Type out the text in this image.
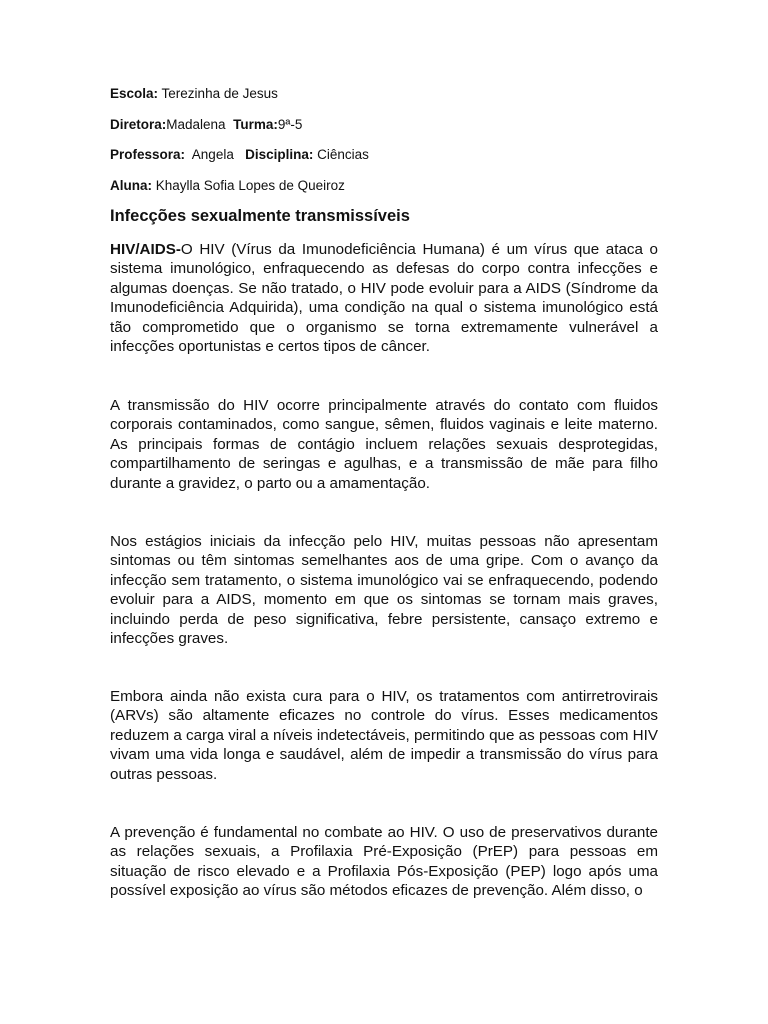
Escola: Terezinha de Jesus
Diretora:Madalena Turma:9ª-5
Professora: Angela Disciplina: Ciências
Aluna: Khaylla Sofia Lopes de Queiroz
Infecções sexualmente transmissíveis

HIV/AIDS-O HIV (Vírus da Imunodeficiência Humana) é um vírus que ataca o sistema imunológico, enfraquecendo as defesas do corpo contra infecções e algumas doenças. Se não tratado, o HIV pode evoluir para a AIDS (Síndrome da Imunodeficiência Adquirida), uma condição na qual o sistema imunológico está tão comprometido que o organismo se torna extremamente vulnerável a infecções oportunistas e certos tipos de câncer.

A transmissão do HIV ocorre principalmente através do contato com fluidos corporais contaminados, como sangue, sêmen, fluidos vaginais e leite materno. As principais formas de contágio incluem relações sexuais desprotegidas, compartilhamento de seringas e agulhas, e a transmissão de mãe para filho durante a gravidez, o parto ou a amamentação.

Nos estágios iniciais da infecção pelo HIV, muitas pessoas não apresentam sintomas ou têm sintomas semelhantes aos de uma gripe. Com o avanço da infecção sem tratamento, o sistema imunológico vai se enfraquecendo, podendo evoluir para a AIDS, momento em que os sintomas se tornam mais graves, incluindo perda de peso significativa, febre persistente, cansaço extremo e infecções graves.

Embora ainda não exista cura para o HIV, os tratamentos com antirretrovirais (ARVs) são altamente eficazes no controle do vírus. Esses medicamentos reduzem a carga viral a níveis indetectáveis, permitindo que as pessoas com HIV vivam uma vida longa e saudável, além de impedir a transmissão do vírus para outras pessoas.

A prevenção é fundamental no combate ao HIV. O uso de preservativos durante as relações sexuais, a Profilaxia Pré-Exposição (PrEP) para pessoas em situação de risco elevado e a Profilaxia Pós-Exposição (PEP) logo após uma possível exposição ao vírus são métodos eficazes de prevenção. Além disso, o
